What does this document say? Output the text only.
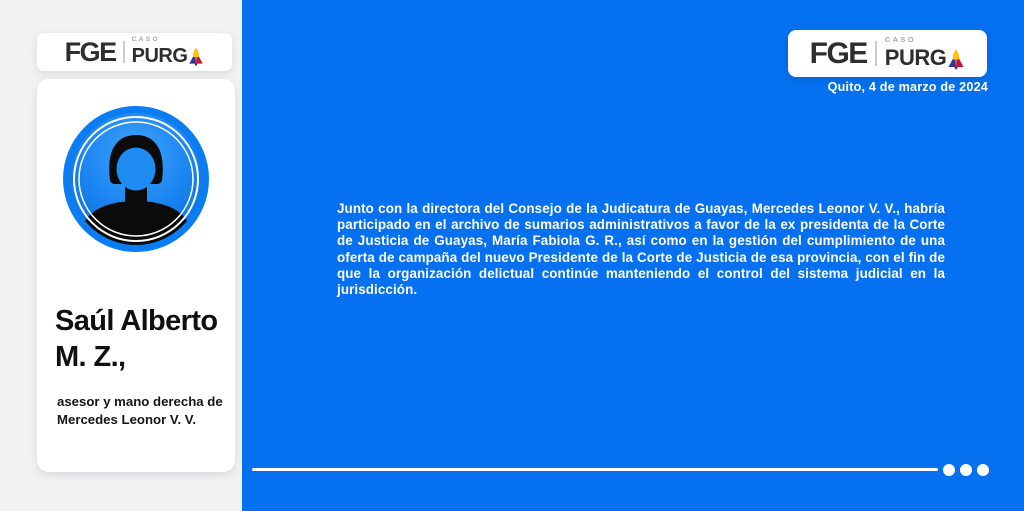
FGE CASO
PURG
Saúl Alberto
M. Z.,
asesor y mano derecha de
Mercedes Leonor V. V.
FGE CASO
PURG
Quito, 4 de marzo de 2024

Junto con la directora del Consejo de la Judicatura de Guayas, Mercedes Leonor V. V., habría participado en el archivo de sumarios administrativos a favor de la ex presidenta de la Corte de Justicia de Guayas, María Fabiola G. R., así como en la gestión del cumplimiento de una oferta de campaña del nuevo Presidente de la Corte de Justicia de esa provincia, con el fin de que la organización delictual continúe manteniendo el control del sistema judicial en la jurisdicción.
